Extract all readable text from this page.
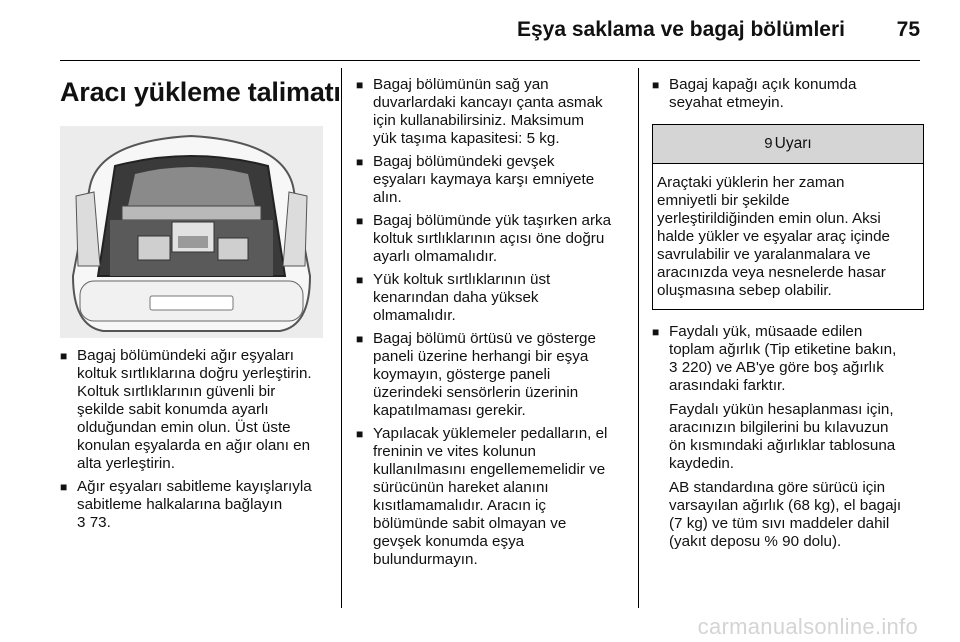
Eşya saklama ve bagaj bölümleri 75
Aracı yükleme talimatı
■ Bagaj bölümündeki ağır eşyaları
koltuk sırtlıklarına doğru yerleştirin.
Koltuk sırtlıklarının güvenli bir
şekilde sabit konumda ayarlı
olduğundan emin olun. Üst üste
konulan eşyalarda en ağır olanı en
alta yerleştirin.

■ Ağır eşyaları sabitleme kayışlarıyla
sabitleme halkalarına bağlayın
3 73.

■ Bagaj bölümünün sağ yan
duvarlardaki kancayı çanta asmak
için kullanabilirsiniz. Maksimum
yük taşıma kapasitesi: 5 kg.

■ Bagaj bölümündeki gevşek
eşyaları kaymaya karşı emniyete
alın.

■ Bagaj bölümünde yük taşırken arka
koltuk sırtlıklarının açısı öne doğru
ayarlı olmamalıdır.

■ Yük koltuk sırtlıklarının üst
kenarından daha yüksek
olmamalıdır.

■ Bagaj bölümü örtüsü ve gösterge
paneli üzerine herhangi bir eşya
koymayın, gösterge paneli
üzerindeki sensörlerin üzerinin
kapatılmaması gerekir.

■ Yapılacak yüklemeler pedalların, el
freninin ve vites kolunun
kullanılmasını engellememelidir ve
sürücünün hareket alanını
kısıtlamamalıdır. Aracın iç
bölümünde sabit olmayan ve
gevşek konumda eşya
bulundurmayın.

■ Bagaj kapağı açık konumda
seyahat etmeyin.

9 Uyarı
Araçtaki yüklerin her zaman
emniyetli bir şekilde
yerleştirildiğinden emin olun. Aksi
halde yükler ve eşyalar araç içinde
savrulabilir ve yaralanmalara ve
aracınızda veya nesnelerde hasar
oluşmasına sebep olabilir.
■ Faydalı yük, müsaade edilen
toplam ağırlık (Tip etiketine bakın,
3 220) ve AB'ye göre boş ağırlık
arasındaki farktır.

Faydalı yükün hesaplanması için,
aracınızın bilgilerini bu kılavuzun
ön kısmındaki ağırlıklar tablosuna
kaydedin.

AB standardına göre sürücü için
varsayılan ağırlık (68 kg), el bagajı
(7 kg) ve tüm sıvı maddeler dahil
(yakıt deposu % 90 dolu).

carmanualsonline.info
